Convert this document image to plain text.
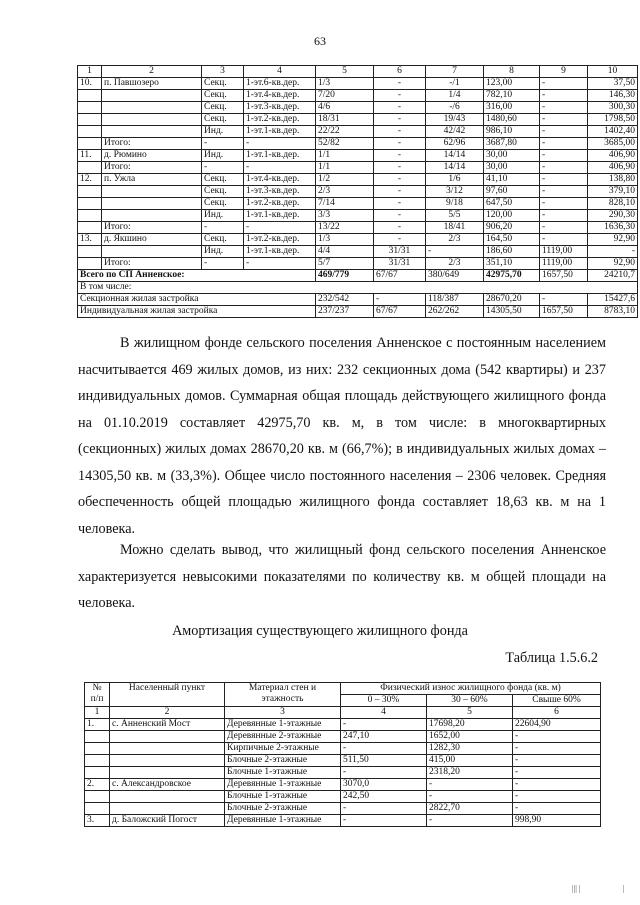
63
1	2	3	4	5	6	7	8	9	10
10.	п. Павшозеро	Секц.	1-эт.6-кв.дер.	1/3	-	-/1	123,00	-	37,50
		Секц.	1-эт.4-кв.дер.	7/20	-	1/4	782,10	-	146,30
		Секц.	1-эт.3-кв.дер.	4/6	-	-/6	316,00	-	300,30
		Секц.	1-эт.2-кв.дер.	18/31	-	19/43	1480,60	-	1798,50
		Инд.	1-эт.1-кв.дер.	22/22	-	42/42	986,10	-	1402,40
	Итого:	-	-	52/82	-	62/96	3687,80	-	3685,00
11.	д. Рюмино	Инд.	1-эт.1-кв.дер.	1/1	-	14/14	30,00	-	406,90
	Итого:	-	-	1/1	-	14/14	30,00	-	406,90
12.	п. Ужла	Секц.	1-эт.4-кв.дер.	1/2	-	1/6	41,10	-	138,80
		Секц.	1-эт.3-кв.дер.	2/3	-	3/12	97,60	-	379,10
		Секц.	1-эт.2-кв.дер.	7/14	-	9/18	647,50	-	828,10
		Инд.	1-эт.1-кв.дер.	3/3	-	5/5	120,00	-	290,30
	Итого:	-	-	13/22	-	18/41	906,20	-	1636,30
13.	д. Якшино	Секц.	1-эт.2-кв.дер.	1/3	-	2/3	164,50	-	92,90
		Инд.	1-эт.1-кв.дер.	4/4	31/31	-	186,60	1119,00	-
	Итого:	-	-	5/7	31/31	2/3	351,10	1119,00	92,90
Всего по СП Анненское:				469/779	67/67	380/649	42975,70	1657,50	24210,7
В том числе:									
Секционная жилая застройка				232/542	-	118/387	28670,20	-	15427,6
Индивидуальная жилая застройка				237/237	67/67	262/262	14305,50	1657,50	8783,10
В жилищном фонде сельского поселения Анненское с постоянным населением насчитывается 469 жилых домов, из них: 232 секционных дома (542 квартиры) и 237 индивидуальных домов. Суммарная общая площадь действующего жилищного фонда на 01.10.2019 составляет 42975,70 кв. м, в том числе: в многоквартирных (секционных) жилых домах 28670,20 кв. м (66,7%); в индивидуальных жилых домах – 14305,50 кв. м (33,3%). Общее число постоянного населения – 2306 человек. Средняя обеспеченность общей площадью жилищного фонда составляет 18,63 кв. м на 1 человека.
Можно сделать вывод, что жилищный фонд сельского поселения Анненское характеризуется невысокими показателями по количеству кв. м общей площади на человека.
Амортизация существующего жилищного фонда
Таблица 1.5.6.2
№
п/п	Населенный пункт	Материал стен и этажность	Физический износ жилищного фонда (кв. м)		
			0 – 30%	30 – 60%	Свыше 60%
1	2	3	4	5	6
1.	с. Анненский Мост	Деревянные 1-этажные	-	17698,20	22604,90
		Деревянные 2-этажные	247,10	1652,00	-
		Кирпичные 2-этажные	-	1282,30	-
		Блочные 2-этажные	511,50	415,00	-
		Блочные 1-этажные	-	2318,20	-
2.	с. Александровское	Деревянные 1-этажные	3070,0	-	-
		Блочные 1-этажные	242,50	-	-
		Блочные 2-этажные	-	2822,70	-
3.	д. Баложский Погост	Деревянные 1-этажные	-	-	998,90
||| |	|
